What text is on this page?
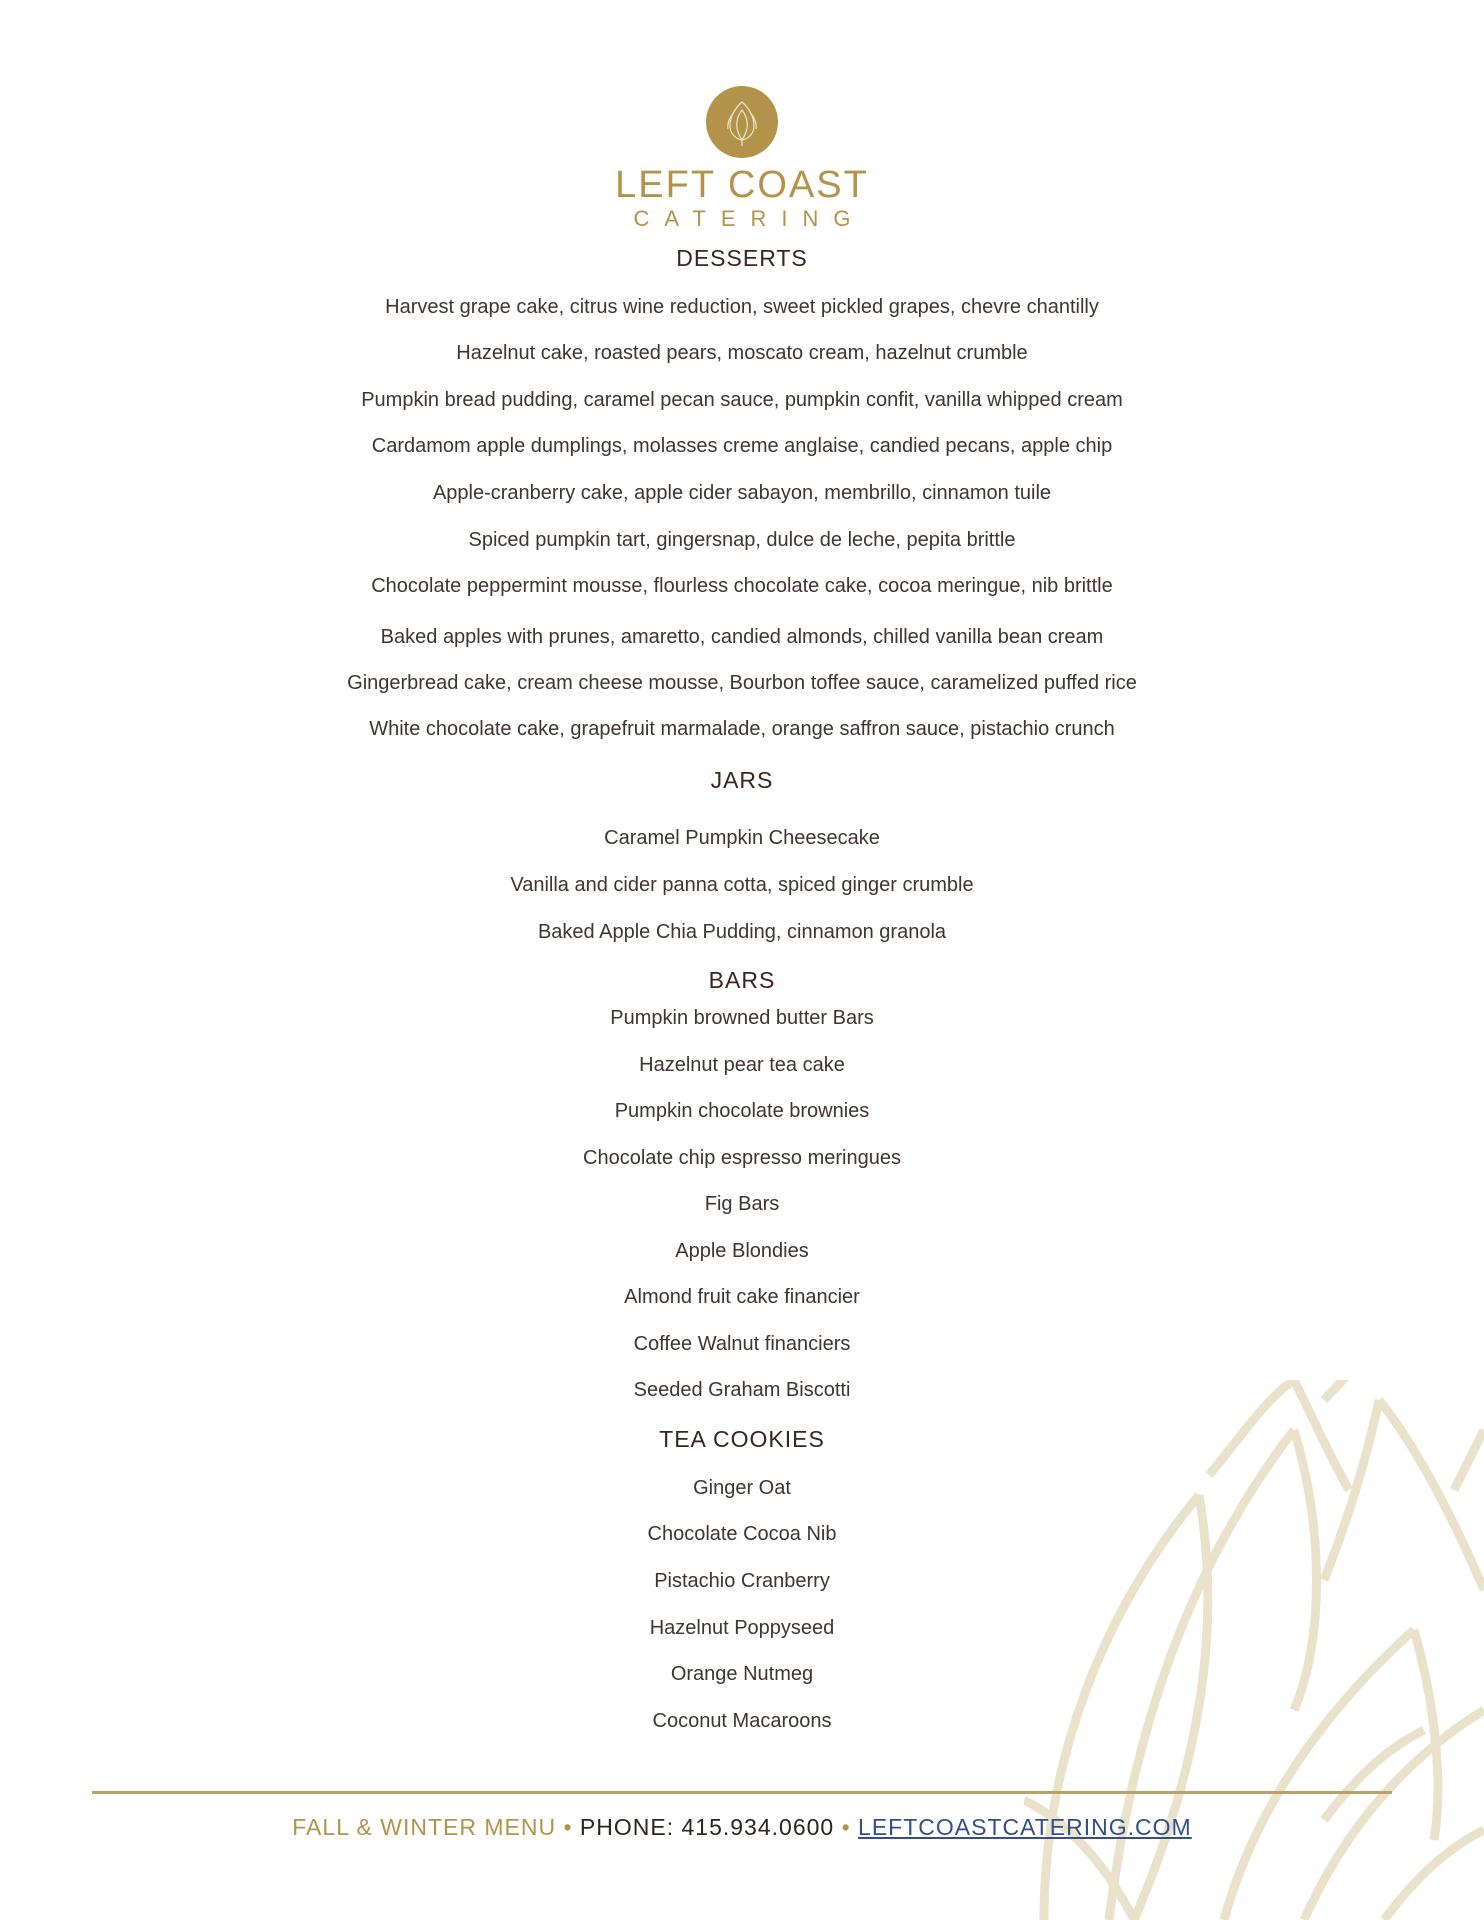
LEFT COAST
CATERING
DESSERTS
Harvest grape cake, citrus wine reduction, sweet pickled grapes, chevre chantilly
Hazelnut cake, roasted pears, moscato cream, hazelnut crumble
Pumpkin bread pudding, caramel pecan sauce, pumpkin confit, vanilla whipped cream
Cardamom apple dumplings, molasses creme anglaise, candied pecans, apple chip
Apple-cranberry cake, apple cider sabayon, membrillo, cinnamon tuile
Spiced pumpkin tart, gingersnap, dulce de leche, pepita brittle
Chocolate peppermint mousse, flourless chocolate cake, cocoa meringue, nib brittle
Baked apples with prunes, amaretto, candied almonds, chilled vanilla bean cream
Gingerbread cake, cream cheese mousse, Bourbon toffee sauce, caramelized puffed rice
White chocolate cake, grapefruit marmalade, orange saffron sauce, pistachio crunch
JARS
Caramel Pumpkin Cheesecake
Vanilla and cider panna cotta, spiced ginger crumble
Baked Apple Chia Pudding, cinnamon granola
BARS
Pumpkin browned butter Bars
Hazelnut pear tea cake
Pumpkin chocolate brownies
Chocolate chip espresso meringues
Fig Bars
Apple Blondies
Almond fruit cake financier
Coffee Walnut financiers
Seeded Graham Biscotti
TEA COOKIES
Ginger Oat
Chocolate Cocoa Nib
Pistachio Cranberry
Hazelnut Poppyseed
Orange Nutmeg
Coconut Macaroons
FALL & WINTER MENU • PHONE: 415.934.0600 • LEFTCOASTCATERING.COM
